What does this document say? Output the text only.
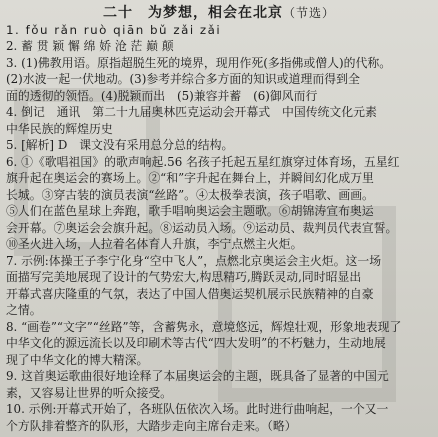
二十　为梦想，相会在北京（节选）
1. fǒu rǎn ruò qiān bǔ zǎi zǎi
2. 蓄 贯 颖 懈 绵 娇 沧 茫 巅 颠
3. (1)佛教用语。原指超脱生死的境界，现用作死(多指佛或僧人)的代称。
(2)水波一起一伏地动。(3)参考并综合多方面的知识或道理而得到全
面的透彻的领悟。(4)脱颖而出　(5)兼容并蓄　(6)御风而行
4. 倒记　通讯　第二十九届奥林匹克运动会开幕式　中国传统文化元素
中华民族的辉煌历史
5. [解析] D　课文没有采用总分总的结构。
6. ①《歌唱祖国》的歌声响起.56 名孩子托起五星红旗穿过体育场，五星红
旗升起在奥运会的赛场上。②“和”字升起在舞台上，并瞬间幻化成万里
长城。③穿古装的演员表演“丝路”。④太极拳表演，孩子唱歌、画画。
⑤人们在蓝色星球上奔跑，歌手唱响奥运会主题歌。⑥胡锦涛宣布奥运
会开幕。⑦奥运会会旗升起。⑧运动员入场。⑨运动员、裁判员代表宣誓。
⑩圣火进入场，人拉着名体育人升旗，李宁点燃主火炬。
7. 示例:体操王子李宁化身“空中飞人”，点燃北京奥运会主火炬。这一场
面描写完美地展现了设计的气势宏大,构思精巧,腾跃灵动,同时昭显出
开幕式喜庆隆重的气氛，表达了中国人借奥运契机展示民族精神的自豪
之情。
8. “画卷”“文字”“丝路”等，含蓄隽永，意境悠远，辉煌壮观，形象地表现了
中华文化的源远流长以及印刷术等古代“四大发明”的不朽魅力，生动地展
现了中华文化的博大精深。
9. 这首奥运歌曲很好地诠释了本届奥运会的主题，既具备了显著的中国元
素，又容易让世界的听众接受。
10. 示例:开幕式开始了，各班队伍依次入场。此时进行曲响起，一个又一
个方队排着整齐的队形，大踏步走向主席台走来。（略）
